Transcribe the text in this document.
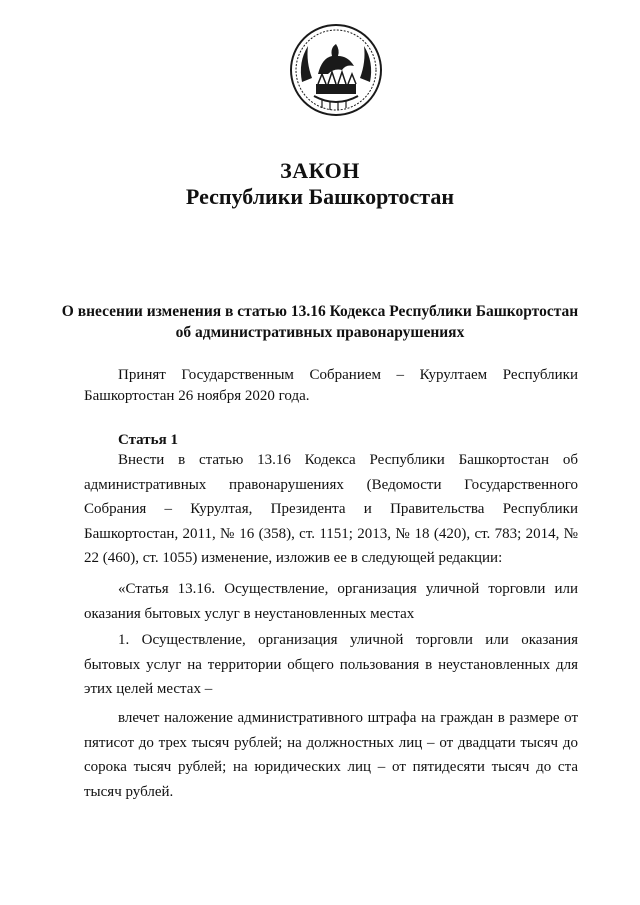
ЗАКОН
Республики Башкортостан
О внесении изменения в статью 13.16 Кодекса Республики Башкортостан об административных правонарушениях
Принят Государственным Собранием – Курултаем Республики Башкортостан 26 ноября 2020 года.
Статья 1
Внести в статью 13.16 Кодекса Республики Башкортостан об административных правонарушениях (Ведомости Государственного Собрания – Курултая, Президента и Правительства Республики Башкортостан, 2011, № 16 (358), ст. 1151; 2013, № 18 (420), ст. 783; 2014, № 22 (460), ст. 1055) изменение, изложив ее в следующей редакции:
«Статья 13.16. Осуществление, организация уличной торговли или оказания бытовых услуг в неустановленных местах
1. Осуществление, организация уличной торговли или оказания бытовых услуг на территории общего пользования в неустановленных для этих целей местах –
влечет наложение административного штрафа на граждан в размере от пятисот до трех тысяч рублей; на должностных лиц – от двадцати тысяч до сорока тысяч рублей; на юридических лиц – от пятидесяти тысяч до ста тысяч рублей.
